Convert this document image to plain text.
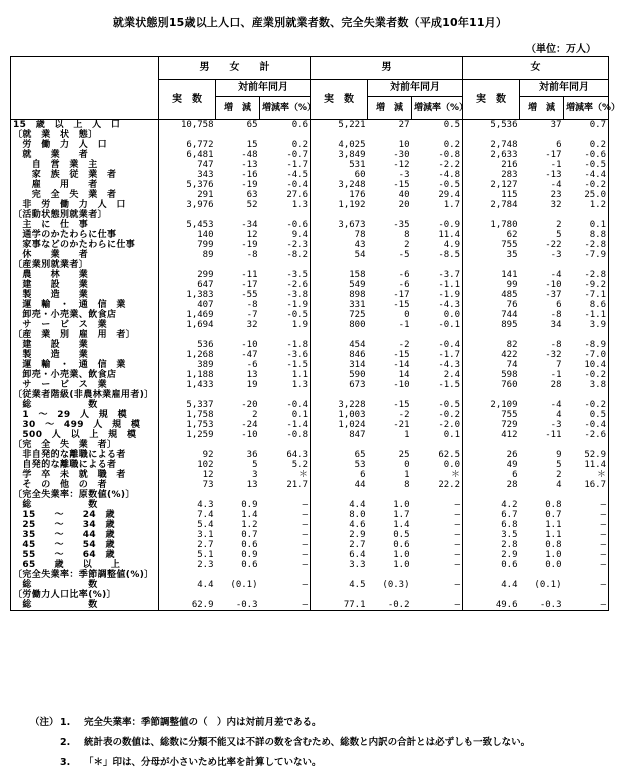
就業状態別15歳以上人口、産業別就業者数、完全失業者数（平成10年11月）
（単位：万人）
	男　　女　　計			男			女		
	実　数	対前年同月		実　数	対前年同月		実　数	対前年同月	
		増　減	増減率（%）		増　減	増減率（%）		増　減	増減率（%）
15　歳　以　上　人　口	10,758	65	0.6	5,221	27	0.5	5,536	37	0.7
〔就　業　状　態〕									
　労　働　力　人　口	6,772	15	0.2	4,025	10	0.2	2,748	6	0.2
　就　　業　　者	6,481	-48	-0.7	3,849	-30	-0.8	2,633	-17	-0.6
　　自　営　業　主	747	-13	-1.7	531	-12	-2.2	216	-1	-0.5
　　家　族　従　業　者	343	-16	-4.5	60	-3	-4.8	283	-13	-4.4
　　雇　　用　　者	5,376	-19	-0.4	3,248	-15	-0.5	2,127	-4	-0.2
　　完　全　失　業　者	291	63	27.6	176	40	29.4	115	23	25.0
　非　労　働　力　人　口	3,976	52	1.3	1,192	20	1.7	2,784	32	1.2
〔活動状態別就業者〕									
　主　に　仕　事	5,453	-34	-0.6	3,673	-35	-0.9	1,780	2	0.1
　通学のかたわらに仕事	140	12	9.4	78	8	11.4	62	5	8.8
　家事などのかたわらに仕事	799	-19	-2.3	43	2	4.9	755	-22	-2.8
　休　　業　　者	89	-8	-8.2	54	-5	-8.5	35	-3	-7.9
〔産業別就業者〕									
　農　　林　　業	299	-11	-3.5	158	-6	-3.7	141	-4	-2.8
　建　　設　　業	647	-17	-2.6	549	-6	-1.1	99	-10	-9.2
　製　　造　　業	1,383	-55	-3.8	898	-17	-1.9	485	-37	-7.1
　運　輸　・　通　信　業	407	-8	-1.9	331	-15	-4.3	76	6	8.6
　卸売・小売業、飲食店	1,469	-7	-0.5	725	0	0.0	744	-8	-1.1
　サ　ー　ビ　ス　業	1,694	32	1.9	800	-1	-0.1	895	34	3.9
〔産　業　別　雇　用　者〕									
　建　　設　　業	536	-10	-1.8	454	-2	-0.4	82	-8	-8.9
　製　　造　　業	1,268	-47	-3.6	846	-15	-1.7	422	-32	-7.0
　運　輸　・　通　信　業	389	-6	-1.5	314	-14	-4.3	74	7	10.4
　卸売・小売業、飲食店	1,188	13	1.1	590	14	2.4	598	-1	-0.2
　サ　ー　ビ　ス　業	1,433	19	1.3	673	-10	-1.5	760	28	3.8
〔従業者階級(非農林業雇用者)〕									
　総　　　　　　数	5,337	-20	-0.4	3,228	-15	-0.5	2,109	-4	-0.2
　1　～　29　人　規　模	1,758	2	0.1	1,003	-2	-0.2	755	4	0.5
　30　～　499　人　規　模	1,753	-24	-1.4	1,024	-21	-2.0	729	-3	-0.4
　500　人　以　上　規　模	1,259	-10	-0.8	847	1	0.1	412	-11	-2.6
〔完　全　失　業　者〕									
　非自発的な離職による者	92	36	64.3	65	25	62.5	26	9	52.9
　自発的な離職による者	102	5	5.2	53	0	0.0	49	5	11.4
　学　卒　未　就　職　者	12	3	＊	6	1	＊	6	2	＊
　そ　の　他　の　者	73	13	21.7	44	8	22.2	28	4	16.7
〔完全失業率：原数値(%)〕									
　総　　　　　　数	4.3	0.9	—	4.4	1.0	—	4.2	0.8	—
　15　　～　　24　歳	7.4	1.4	—	8.0	1.7	—	6.7	0.7	—
　25　　～　　34　歳	5.4	1.2	—	4.6	1.4	—	6.8	1.1	—
　35　　～　　44　歳	3.1	0.7	—	2.9	0.5	—	3.5	1.1	—
　45　　～　　54　歳	2.7	0.6	—	2.7	0.6	—	2.8	0.8	—
　55　　～　　64　歳	5.1	0.9	—	6.4	1.0	—	2.9	1.0	—
　65　　歳　　以　　上	2.3	0.6	—	3.3	1.0	—	0.6	0.0	—
〔完全失業率：季節調整値(%)〕									
　総　　　　　　数	4.4	(0.1)	—	4.5	(0.3)	—	4.4	(0.1)	—
〔労働力人口比率(%)〕									
　総　　　　　　数	62.9	-0.3	—	77.1	-0.2	—	49.6	-0.3	—
（注） 1.	完全失業率：季節調整値の（　）内は対前月差である。
2.	統計表の数値は、総数に分類不能又は不詳の数を含むため、総数と内訳の合計とは必ずしも一致しない。
3.	「＊」印は、分母が小さいため比率を計算していない。
